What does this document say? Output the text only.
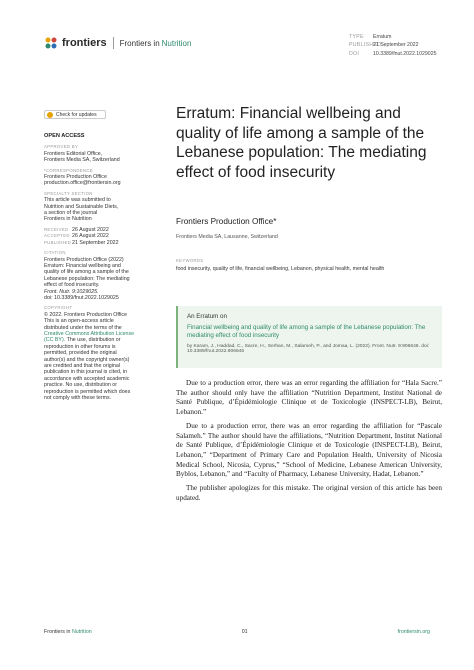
frontiers Frontiers in Nutrition
TYPE Erratum
PUBLISHED21 September 2022
DOI	10.3389/fnut.2022.1029025
Check for updates
OPEN ACCESS
APPROVED BY
Frontiers Editorial Office,
Frontiers Media SA, Switzerland
*CORRESPONDENCE
Frontiers Production Office
production.office@frontiersin.org
SPECIALTY SECTION
This article was submitted to
Nutrition and Sustainable Diets,
a section of the journal
Frontiers in Nutrition
RECEIVED 26 August 2022
ACCEPTED 26 August 2022
PUBLISHED 21 September 2022
CITATION
Frontiers Production Office (2022)
Erratum: Financial wellbeing and
quality of life among a sample of the
Lebanese population: The mediating
effect of food insecurity.
Front. Nutr. 9:1029025.
doi: 10.3389/fnut.2022.1029025
COPYRIGHT
© 2022. Frontiers Production Office
This is an open-access article
distributed under the terms of the
Creative Commons Attribution License
(CC BY). The use, distribution or
reproduction in other forums is
permitted, provided the original
author(s) and the copyright owner(s)
are credited and that the original
publication in this journal is cited, in
accordance with accepted academic
practice. No use, distribution or
reproduction is permitted which does
not comply with these terms.
Erratum: Financial wellbeing and quality of life among a sample of the Lebanese population: The mediating effect of food insecurity
Frontiers Production Office*
Frontiers Media SA, Lausanne, Switzerland
KEYWORDS
food insecurity, quality of life, financial wellbeing, Lebanon, physical health, mental health
An Erratum on
Financial wellbeing and quality of life among a sample of the Lebanese population: The mediating effect of food insecurity
by Karam, J., Haddad, C., Sacre, H., Serhan, M., Salameh, P., and Jomaa, L. (2022). Front. Nutr. 9:906646. doi: 10.3389/fnut.2022.906646

Due to a production error, there was an error regarding the affiliation for “Hala Sacre.” The author should only have the affiliation “Nutrition Department, Institut National de Santé Publique, d’Épidémiologie Clinique et de Toxicologie (INSPECT-LB), Beirut, Lebanon.”

Due to a production error, there was an error regarding the affiliation for “Pascale Salameh.” The author should have the affiliations, “Nutrition Department, Institut National de Santé Publique, d’Épidémiologie Clinique et de Toxicologie (INSPECT-LB), Beirut, Lebanon,” “Department of Primary Care and Population Health, University of Nicosia Medical School, Nicosia, Cyprus,” “School of Medicine, Lebanese American University, Byblos, Lebanon,” and “Faculty of Pharmacy, Lebanese University, Hadat, Lebanon.”

The publisher apologizes for this mistake. The original version of this article has been updated.

Frontiers in Nutrition	01	frontiersin.org
